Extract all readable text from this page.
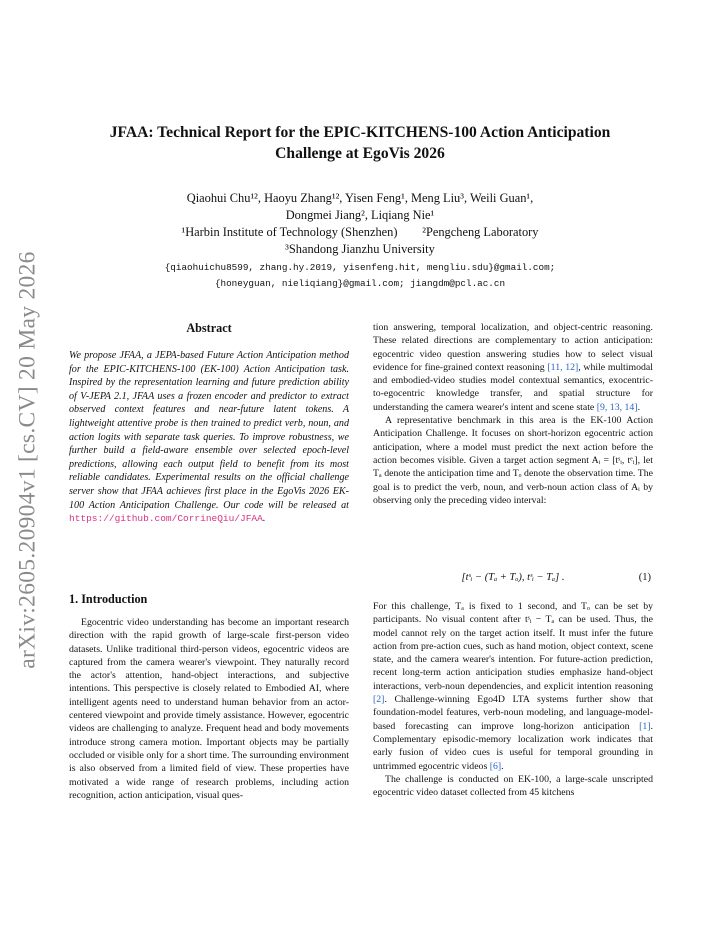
arXiv:2605.20904v1 [cs.CV] 20 May 2026
JFAA: Technical Report for the EPIC-KITCHENS-100 Action Anticipation
Challenge at EgoVis 2026
Qiaohui Chu¹², Haoyu Zhang¹², Yisen Feng¹, Meng Liu³, Weili Guan¹,
Dongmei Jiang², Liqiang Nie¹
¹Harbin Institute of Technology (Shenzhen)        ²Pengcheng Laboratory
³Shandong Jianzhu University
{qiaohuichu8599, zhang.hy.2019, yisenfeng.hit, mengliu.sdu}@gmail.com;
{honeyguan, nieliqiang}@gmail.com; jiangdm@pcl.ac.cn
Abstract
We propose JFAA, a JEPA-based Future Action Anticipation method for the EPIC-KITCHENS-100 (EK-100) Action Anticipation task. Inspired by the representation learning and future prediction ability of V-JEPA 2.1, JFAA uses a frozen encoder and predictor to extract observed context features and near-future latent tokens. A lightweight attentive probe is then trained to predict verb, noun, and action logits with separate task queries. To improve robustness, we further build a field-aware ensemble over selected epoch-level predictions, allowing each output field to benefit from its most reliable candidates. Experimental results on the official challenge server show that JFAA achieves first place in the EgoVis 2026 EK-100 Action Anticipation Challenge. Our code will be released at https://github.com/CorrineQiu/JFAA.
1. Introduction

Egocentric video understanding has become an important research direction with the rapid growth of large-scale first-person video datasets. Unlike traditional third-person videos, egocentric videos are captured from the camera wearer's viewpoint. They naturally record the actor's attention, hand-object interactions, and subjective intentions. This perspective is closely related to Embodied AI, where intelligent agents need to understand human behavior from an actor-centered viewpoint and provide timely assistance. However, egocentric videos are challenging to analyze. Frequent head and body movements introduce strong camera motion. Important objects may be partially occluded or visible only for a short time. The surrounding environment is also observed from a limited field of view. These properties have motivated a wide range of research problems, including action recognition, action anticipation, visual ques-

tion answering, temporal localization, and object-centric reasoning. These related directions are complementary to action anticipation: egocentric video question answering studies how to select visual evidence for fine-grained context reasoning [11, 12], while multimodal and embodied-video studies model contextual semantics, exocentric-to-egocentric knowledge transfer, and spatial structure for understanding the camera wearer's intent and scene state [9, 13, 14].

A representative benchmark in this area is the EK-100 Action Anticipation Challenge. It focuses on short-horizon egocentric action anticipation, where a model must predict the next action before the action becomes visible. Given a target action segment Aᵢ = [tˢᵢ, tᵉᵢ], let Tₐ denote the anticipation time and Tₒ denote the observation time. The goal is to predict the verb, noun, and verb-noun action class of Aᵢ by observing only the preceding video interval:

[tˢᵢ − (Tₐ + Tₒ), tˢᵢ − Tₐ] .	(1)

For this challenge, Tₐ is fixed to 1 second, and Tₒ can be set by participants. No visual content after tˢᵢ − Tₐ can be used. Thus, the model cannot rely on the target action itself. It must infer the future action from pre-action cues, such as hand motion, object context, scene state, and the camera wearer's intention. For future-action prediction, recent long-term action anticipation studies emphasize hand-object interactions, verb-noun dependencies, and explicit intention reasoning [2]. Challenge-winning Ego4D LTA systems further show that foundation-model features, verb-noun modeling, and language-model-based forecasting can improve long-horizon anticipation [1]. Complementary episodic-memory localization work indicates that early fusion of video cues is useful for temporal grounding in untrimmed egocentric videos [6].

The challenge is conducted on EK-100, a large-scale unscripted egocentric video dataset collected from 45 kitchens
